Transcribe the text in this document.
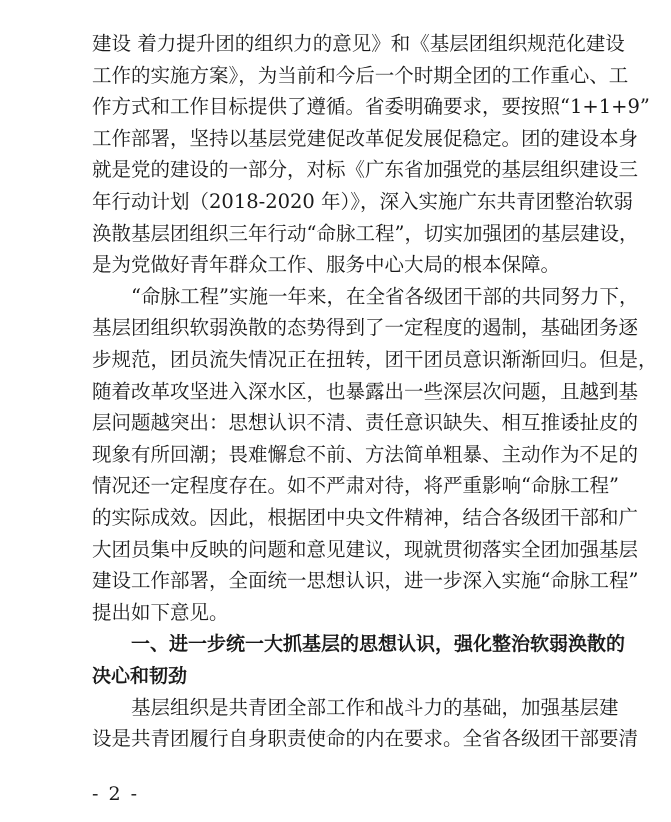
建设 着力提升团的组织力的意见》和《基层团组织规范化建设
工作的实施方案》，为当前和今后一个时期全团的工作重心、工
作方式和工作目标提供了遵循。省委明确要求，要按照“1+1+9”
工作部署，坚持以基层党建促改革促发展促稳定。团的建设本身
就是党的建设的一部分，对标《广东省加强党的基层组织建设三
年行动计划（2018-2020 年）》，深入实施广东共青团整治软弱
涣散基层团组织三年行动“命脉工程”，切实加强团的基层建设，
是为党做好青年群众工作、服务中心大局的根本保障。
“命脉工程”实施一年来，在全省各级团干部的共同努力下，
基层团组织软弱涣散的态势得到了一定程度的遏制，基础团务逐
步规范，团员流失情况正在扭转，团干团员意识渐渐回归。但是，
随着改革攻坚进入深水区，也暴露出一些深层次问题，且越到基
层问题越突出：思想认识不清、责任意识缺失、相互推诿扯皮的
现象有所回潮；畏难懈怠不前、方法简单粗暴、主动作为不足的
情况还一定程度存在。如不严肃对待，将严重影响“命脉工程”
的实际成效。因此，根据团中央文件精神，结合各级团干部和广
大团员集中反映的问题和意见建议，现就贯彻落实全团加强基层
建设工作部署，全面统一思想认识，进一步深入实施“命脉工程”
提出如下意见。
一、进一步统一大抓基层的思想认识，强化整治软弱涣散的
决心和韧劲
基层组织是共青团全部工作和战斗力的基础，加强基层建
设是共青团履行自身职责使命的内在要求。全省各级团干部要清
- 2 -
